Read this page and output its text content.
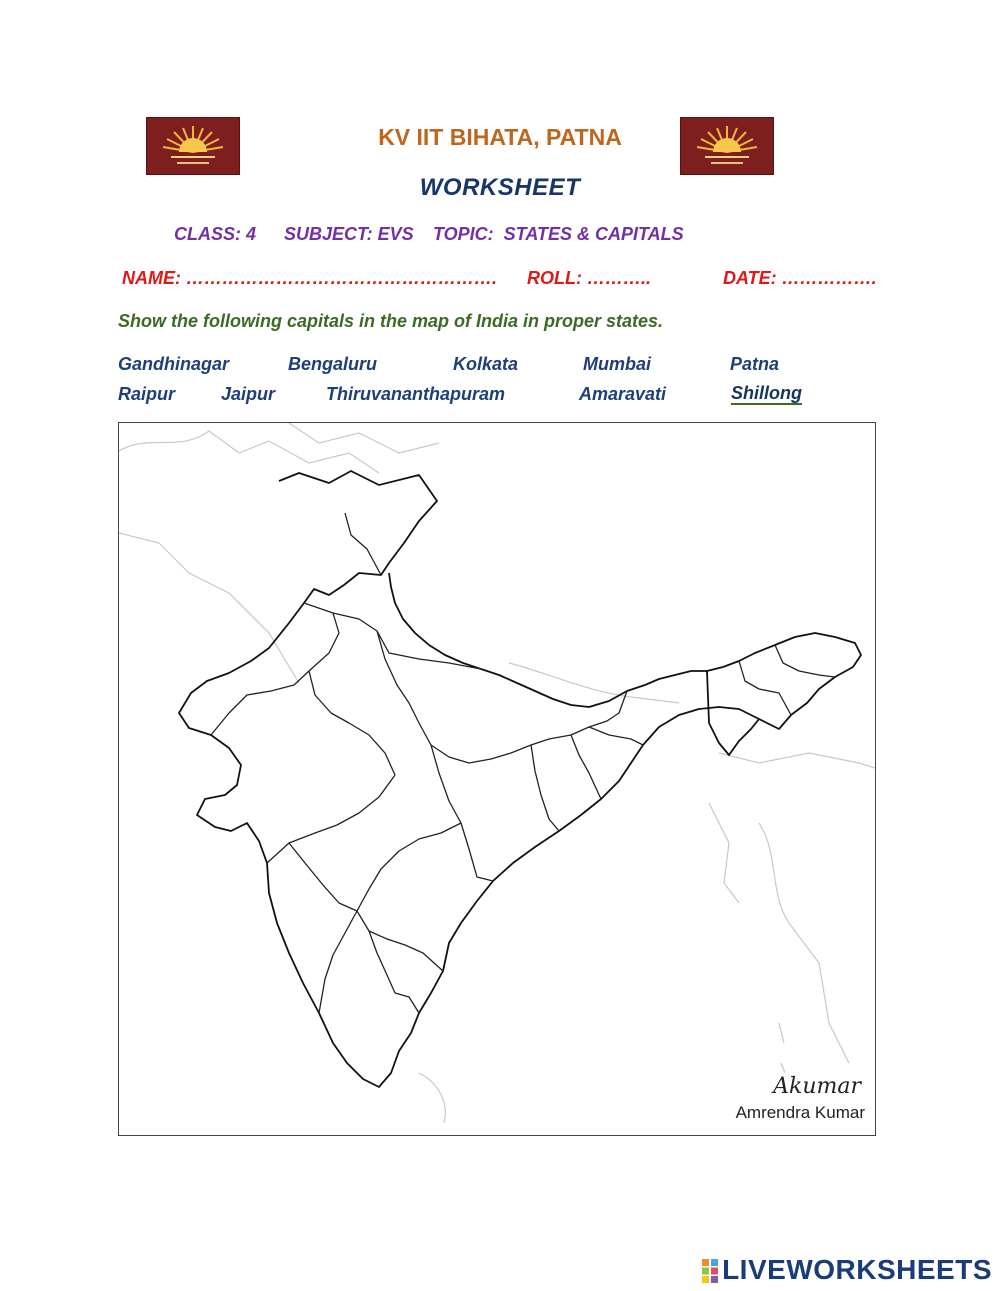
KV IIT BIHATA, PATNA
WORKSHEET
CLASS: 4 SUBJECT: EVS TOPIC:  STATES & CAPITALS
NAME: ……………………………………………. ROLL: ………..	DATE: …………….
Show the following capitals in the map of India in proper states.
Gandhinagar	Bengaluru	Kolkata	Mumbai	Patna
Raipur	Jaipur	Thiruvananthapuram	Amaravati	Shillong
Akumar
Amrendra Kumar
LIVEWORKSHEETS
